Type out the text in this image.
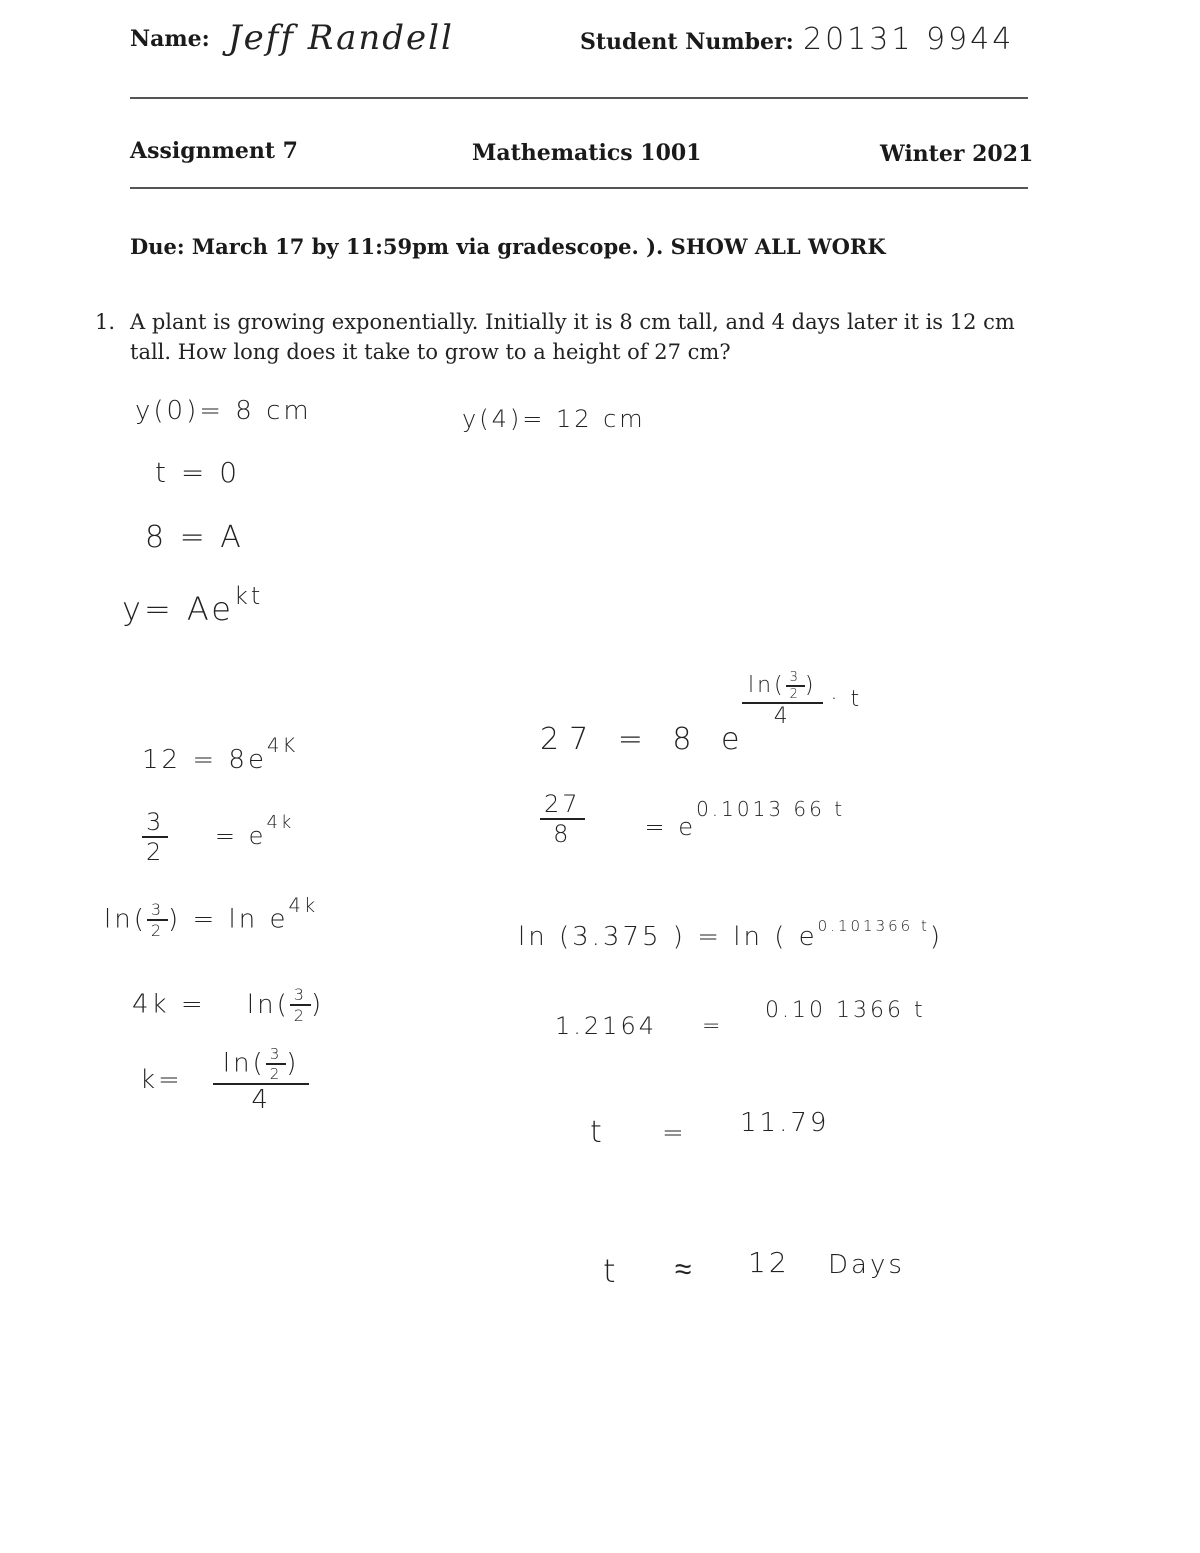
Name: Jeff Randell	Student Number: 20131 9944
Assignment 7	Mathematics 1001	Winter 2021
Due: March 17 by 11:59pm via gradescope. ). SHOW ALL WORK
1. A plant is growing exponentially. Initially it is 8 cm tall, and 4 days later it is 12 cm
tall. How long does it take to grow to a height of 27 cm?
y(0)= 8 cm
t = 0
8 = A
$y= Ae^{kt}$
$12 = 8e^{4K}$
$\frac{3}{2} = e^{4k}$
$\ln( \frac{3}{2}$ ) = $\ln e^{4k}$
$4k = \ln( \frac{3}{2}$ )
$k= \frac{\ln( \frac{3}{2} )}{4}$
y(4)= 12 cm
$\frac{\ln( \frac{3}{2} )}{4} \cdot t$
27 = 8 e
$\frac{27}{8}$	= e
0.1013 66 t
ln (3.375 ) = ln ( $e^{0.101366 t}$)
1.2164 =
0.10 1366 t
t = 11.79
t ≈ 12 Days
